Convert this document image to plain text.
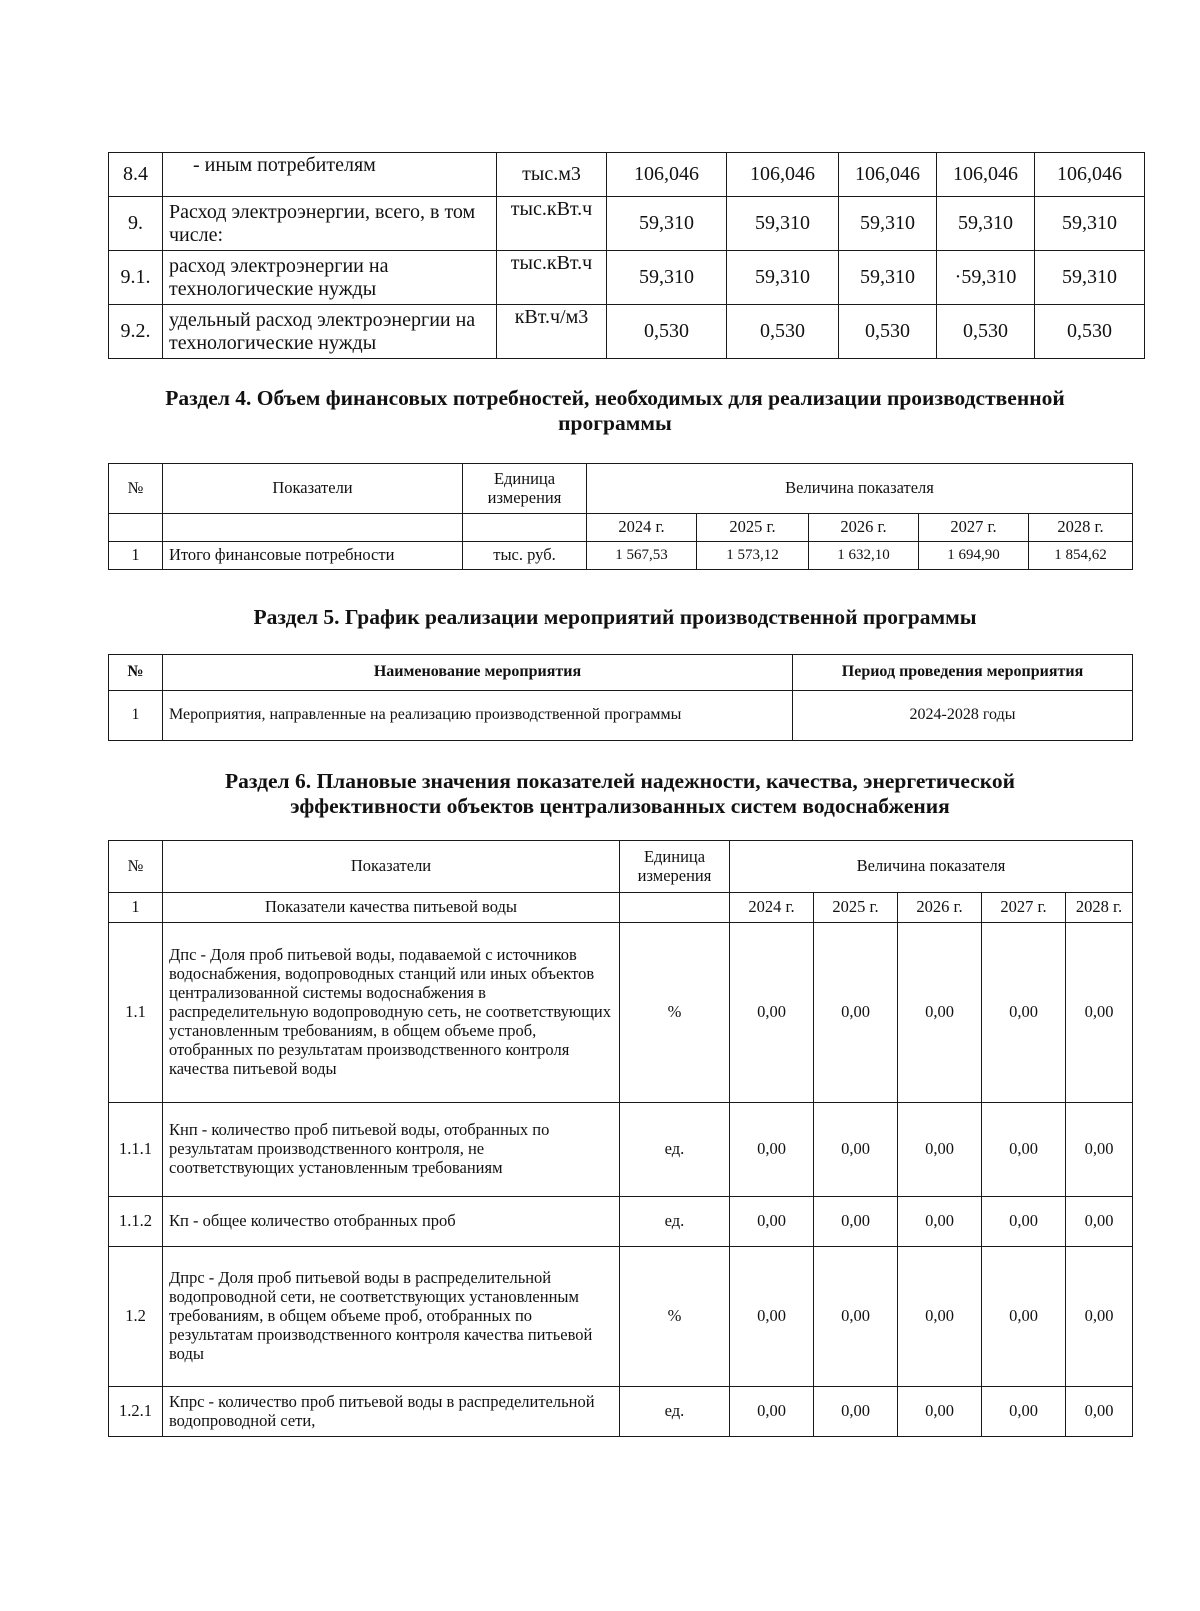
8.4	- иным потребителям	тыс.м3	106,046	106,046	106,046	106,046	106,046
9.	Расход электроэнергии, всего, в том числе:	тыс.кВт.ч	59,310	59,310	59,310	59,310	59,310
9.1.	расход электроэнергии на технологические нужды	тыс.кВт.ч	59,310	59,310	59,310	·59,310	59,310
9.2.	удельный расход электроэнергии на технологические нужды	кВт.ч/м3	0,530	0,530	0,530	0,530	0,530
Раздел 4. Объем финансовых потребностей, необходимых для реализации производственной программы
№	Показатели	Единица измерения	Величина показателя				
			2024 г.	2025 г.	2026 г.	2027 г.	2028 г.
1	Итого финансовые потребности	тыс. руб.	1 567,53	1 573,12	1 632,10	1 694,90	1 854,62
Раздел 5. График реализации мероприятий производственной программы
№	Наименование мероприятия	Период проведения мероприятия
1	Мероприятия, направленные на реализацию производственной программы	2024-2028 годы
Раздел 6. Плановые значения показателей надежности, качества, энергетической эффективности объектов централизованных систем водоснабжения
№	Показатели	Единица измерения	Величина показателя				
1	Показатели качества питьевой воды		2024 г.	2025 г.	2026 г.	2027 г.	2028 г.
1.1	Дпс - Доля проб питьевой воды, подаваемой с источников водоснабжения, водопроводных станций или иных объектов централизованной системы водоснабжения в распределительную водопроводную сеть, не соответствующих установленным требованиям, в общем объеме проб, отобранных по результатам производственного контроля качества питьевой воды	%	0,00	0,00	0,00	0,00	0,00
1.1.1	Кнп - количество проб питьевой воды, отобранных по результатам производственного контроля, не соответствующих установленным требованиям	ед.	0,00	0,00	0,00	0,00	0,00
1.1.2	Кп - общее количество отобранных проб	ед.	0,00	0,00	0,00	0,00	0,00
1.2	Дпрс - Доля проб питьевой воды в распределительной водопроводной сети, не соответствующих установленным требованиям, в общем объеме проб, отобранных по результатам производственного контроля качества питьевой воды	%	0,00	0,00	0,00	0,00	0,00
1.2.1	Кпрс - количество проб питьевой воды в распределительной водопроводной сети,	ед.	0,00	0,00	0,00	0,00	0,00
